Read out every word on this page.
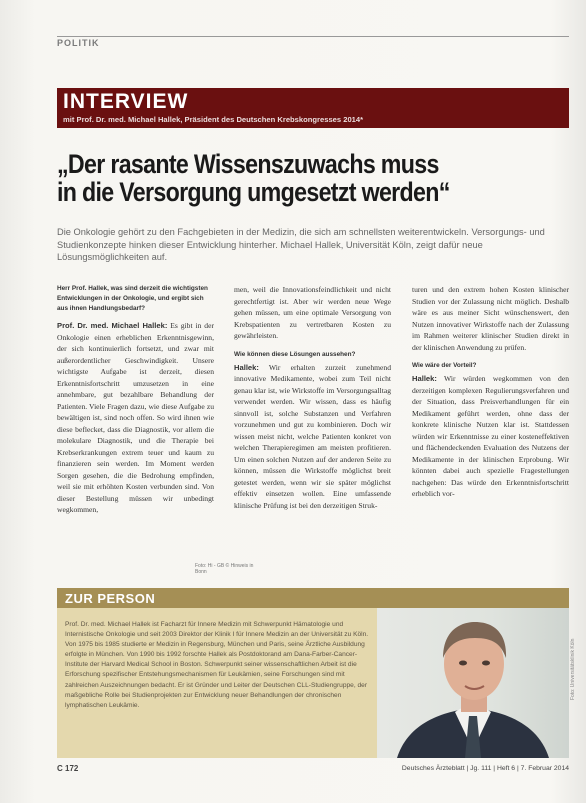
POLITIK
INTERVIEW
mit Prof. Dr. med. Michael Hallek, Präsident des Deutschen Krebskongresses 2014*
„Der rasante Wissenszuwachs muss
in die Versorgung umgesetzt werden“
Die Onkologie gehört zu den Fachgebieten in der Medizin, die sich am schnellsten weiterentwickeln. Versorgungs- und Studienkonzepte hinken dieser Entwicklung hinterher. Michael Hallek, Universität Köln, zeigt dafür neue Lösungsmöglichkeiten auf.
Herr Prof. Hallek, was sind derzeit die wichtigsten Entwicklungen in der Onkologie, und ergibt sich aus ihnen Handlungsbedarf?

Prof. Dr. med. Michael Hallek: Es gibt in der Onkologie einen erheblichen Erkenntnisgewinn, der sich kontinuierlich fortsetzt, und zwar mit außerordentlicher Geschwindigkeit. Unsere wichtigste Aufgabe ist derzeit, diesen Erkenntnisfortschritt umzusetzen in eine annehmbare, gut bezahlbare Behandlung der Patienten. Viele Fragen dazu, wie diese Aufgabe zu bewältigen ist, sind noch offen. So wird ihnen wie diese beflecket, dass die Diagnostik, vor allem die molekulare Diagnostik, und die Therapie bei Krebserkrankungen extrem teuer und kaum zu finanzieren sein werden. Im Moment werden Sorgen gesehen, die die Bedrohung empfinden, weil sie mit erhöhten Kosten verbunden sind. Von dieser Bestellung müssen wir unbedingt wegkommen,

men, weil die Innovationsfeindlichkeit und nicht gerechtfertigt ist. Aber wir werden neue Wege gehen müssen, um eine optimale Versorgung von Krebspatienten zu vertretbaren Kosten zu gewährleisten.

Wie können diese Lösungen aussehen?

Hallek: Wir erhalten zurzeit zunehmend innovative Medikamente, wobei zum Teil nicht genau klar ist, wie Wirkstoffe im Versorgungsalltag verwendet werden. Wir wissen, dass es häufig sinnvoll ist, solche Substanzen und Verfahren vorzunehmen und gut zu kombinieren. Doch wir wissen meist nicht, welche Patienten konkret von welchen Therapieregimen am meisten profitieren. Um einen solchen Nutzen auf der anderen Seite zu können, müssen die Wirkstoffe möglichst breit getestet werden, wenn wir sie später möglichst effektiv einsetzen wollen. Eine umfassende klinische Prüfung ist bei den derzeitigen Struk-

turen und den extrem hohen Kosten klinischer Studien vor der Zulassung nicht möglich. Deshalb wäre es aus meiner Sicht wünschenswert, den Nutzen innovativer Wirkstoffe nach der Zulassung im Rahmen weiterer klinischer Studien direkt in der klinischen Anwendung zu prüfen.

Wie wäre der Vorteil?

Hallek: Wir würden wegkommen von den derzeitigen komplexen Regulierungsverfahren und der Situation, dass Preisverhandlungen für ein Medikament geführt werden, ohne dass der konkrete klinische Nutzen klar ist. Stattdessen würden wir Erkenntnisse zu einer kosteneffektiven und flächendeckenden Evaluation des Nutzens der Medikamente in der klinischen Erprobung. Wir könnten dabei auch spezielle Fragestellungen nachgehen: Das würde den Erkenntnisfortschritt erheblich vor-

Foto: Hi - GB © Hinweis in Bonn
ZUR PERSON
Prof. Dr. med. Michael Hallek ist Facharzt für Innere Medizin mit Schwerpunkt Hämatologie und Internistische Onkologie und seit 2003 Direktor der Klinik I für Innere Medizin an der Universität zu Köln. Von 1975 bis 1985 studierte er Medizin in Regensburg, München und Paris, seine Ärztliche Ausbildung erfolgte in München. Von 1990 bis 1992 forschte Hallek als Postdoktorand am Dana-Farber-Cancer-Institute der Harvard Medical School in Boston. Schwerpunkt seiner wissenschaftlichen Arbeit ist die Erforschung spezifischer Entstehungsmechanismen für Leukämien, seine Forschungen sind mit zahlreichen Auszeichnungen bedacht. Er ist Gründer und Leiter der Deutschen CLL-Studiengruppe, der maßgebliche Rolle bei Studienprojekten zur Entwicklung neuer Behandlungen der chronischen lymphatischen Leukämie.
Foto: Universitätsklinik Köln
C 172	Deutsches Ärzteblatt | Jg. 111 | Heft 6 | 7. Februar 2014
